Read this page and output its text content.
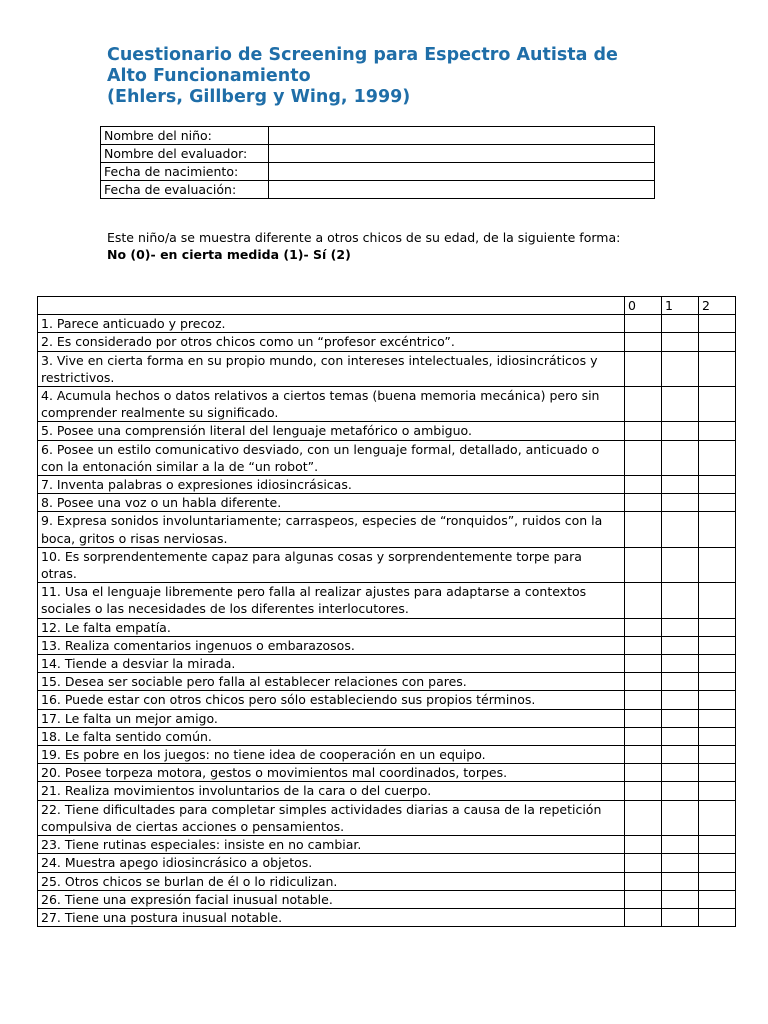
Cuestionario de Screening para Espectro Autista de
Alto Funcionamiento
(Ehlers, Gillberg y Wing, 1999)
Nombre del niño:	
Nombre del evaluador:	
Fecha de nacimiento:	
Fecha de evaluación:	
Este niño/a se muestra diferente a otros chicos de su edad, de la siguiente forma:
No (0)- en cierta medida (1)- Sí (2)
	0	1	2
1. Parece anticuado y precoz.			
2. Es considerado por otros chicos como un “profesor excéntrico”.			
3. Vive en cierta forma en su propio mundo, con intereses intelectuales, idiosincráticos y restrictivos.			
4. Acumula hechos o datos relativos a ciertos temas (buena memoria mecánica) pero sin comprender realmente su significado.			
5. Posee una comprensión literal del lenguaje metafórico o ambiguo.			
6. Posee un estilo comunicativo desviado, con un lenguaje formal, detallado, anticuado o con la entonación similar a la de “un robot”.			
7. Inventa palabras o expresiones idiosincrásicas.			
8. Posee una voz o un habla diferente.			
9. Expresa sonidos involuntariamente; carraspeos, especies de “ronquidos”, ruidos con la boca, gritos o risas nerviosas.			
10. Es sorprendentemente capaz para algunas cosas y sorprendentemente torpe para otras.			
11. Usa el lenguaje libremente pero falla al realizar ajustes para adaptarse a contextos sociales o las necesidades de los diferentes interlocutores.			
12. Le falta empatía.			
13. Realiza comentarios ingenuos o embarazosos.			
14. Tiende a desviar la mirada.			
15. Desea ser sociable pero falla al establecer relaciones con pares.			
16. Puede estar con otros chicos pero sólo estableciendo sus propios términos.			
17. Le falta un mejor amigo.			
18. Le falta sentido común.			
19. Es pobre en los juegos: no tiene idea de cooperación en un equipo.			
20. Posee torpeza motora, gestos o movimientos mal coordinados, torpes.			
21. Realiza movimientos involuntarios de la cara o del cuerpo.			
22. Tiene dificultades para completar simples actividades diarias a causa de la repetición compulsiva de ciertas acciones o pensamientos.			
23. Tiene rutinas especiales: insiste en no cambiar.			
24. Muestra apego idiosincrásico a objetos.			
25. Otros chicos se burlan de él o lo ridiculizan.			
26. Tiene una expresión facial inusual notable.			
27. Tiene una postura inusual notable.			
